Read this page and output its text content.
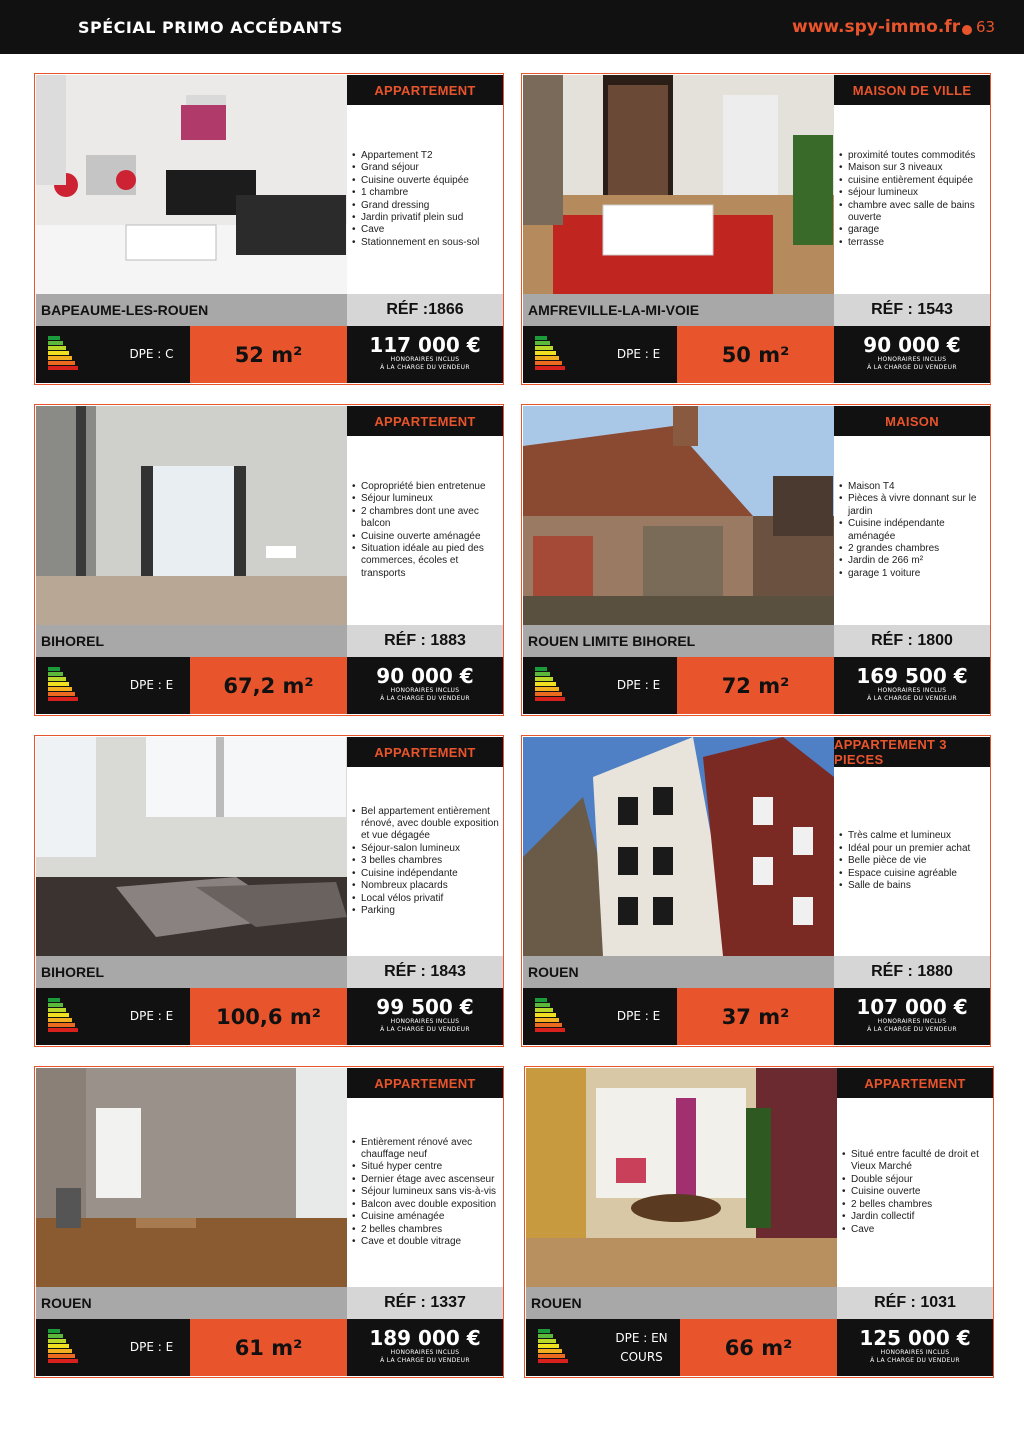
SPÉCIAL PRIMO ACCÉDANTS	www.spy-immo.fr 63
APPARTEMENT
• Appartement T2
• Grand séjour
• Cuisine ouverte équipée
• 1 chambre
• Grand dressing
• Jardin privatif plein sud
• Cave
• Stationnement en sous-sol
BAPEAUME-LES-ROUEN	RÉF :1866
DPE : C	52 m²	117 000 €
HONORAIRES INCLUS
À LA CHARGE DU VENDEUR
MAISON DE VILLE
• proximité toutes commodités
• Maison sur 3 niveaux
• cuisine entièrement équipée
• séjour lumineux
• chambre avec salle de bains ouverte
• garage
• terrasse
AMFREVILLE-LA-MI-VOIE	RÉF : 1543
DPE : E	50 m²	90 000 €
HONORAIRES INCLUS
À LA CHARGE DU VENDEUR
APPARTEMENT
• Copropriété bien entretenue
• Séjour lumineux
• 2 chambres dont une avec balcon
• Cuisine ouverte aménagée
• Situation idéale au pied des commerces, écoles et transports
BIHOREL	RÉF : 1883
DPE : E	67,2 m²	90 000 €
HONORAIRES INCLUS
À LA CHARGE DU VENDEUR
MAISON
• Maison T4
• Pièces à vivre donnant sur le jardin
• Cuisine indépendante aménagée
• 2 grandes chambres
• Jardin de 266 m²
• garage 1 voiture
ROUEN LIMITE BIHOREL	RÉF : 1800
DPE : E	72 m²	169 500 €
HONORAIRES INCLUS
À LA CHARGE DU VENDEUR
APPARTEMENT
• Bel appartement entièrement rénové, avec double exposition et vue dégagée
• Séjour-salon lumineux
• 3 belles chambres
• Cuisine indépendante
• Nombreux placards
• Local vélos privatif
• Parking
BIHOREL	RÉF : 1843
DPE : E	100,6 m²	99 500 €
HONORAIRES INCLUS
À LA CHARGE DU VENDEUR
APPARTEMENT 3 PIECES
• Très calme et lumineux
• Idéal pour un premier achat
• Belle pièce de vie
• Espace cuisine agréable
• Salle de bains
ROUEN	RÉF : 1880
DPE : E	37 m²	107 000 €
HONORAIRES INCLUS
À LA CHARGE DU VENDEUR
APPARTEMENT
• Entièrement rénové avec chauffage neuf
• Situé hyper centre
• Dernier étage avec ascenseur
• Séjour lumineux sans vis-à-vis
• Balcon avec double exposition
• Cuisine aménagée
• 2 belles chambres
• Cave et double vitrage
ROUEN	RÉF : 1337
DPE : E	61 m²	189 000 €
HONORAIRES INCLUS
À LA CHARGE DU VENDEUR
APPARTEMENT
• Situé entre faculté de droit et Vieux Marché
• Double séjour
• Cuisine ouverte
• 2 belles chambres
• Jardin collectif
• Cave
ROUEN	RÉF : 1031
DPE : EN COURS	66 m²	125 000 €
HONORAIRES INCLUS
À LA CHARGE DU VENDEUR
